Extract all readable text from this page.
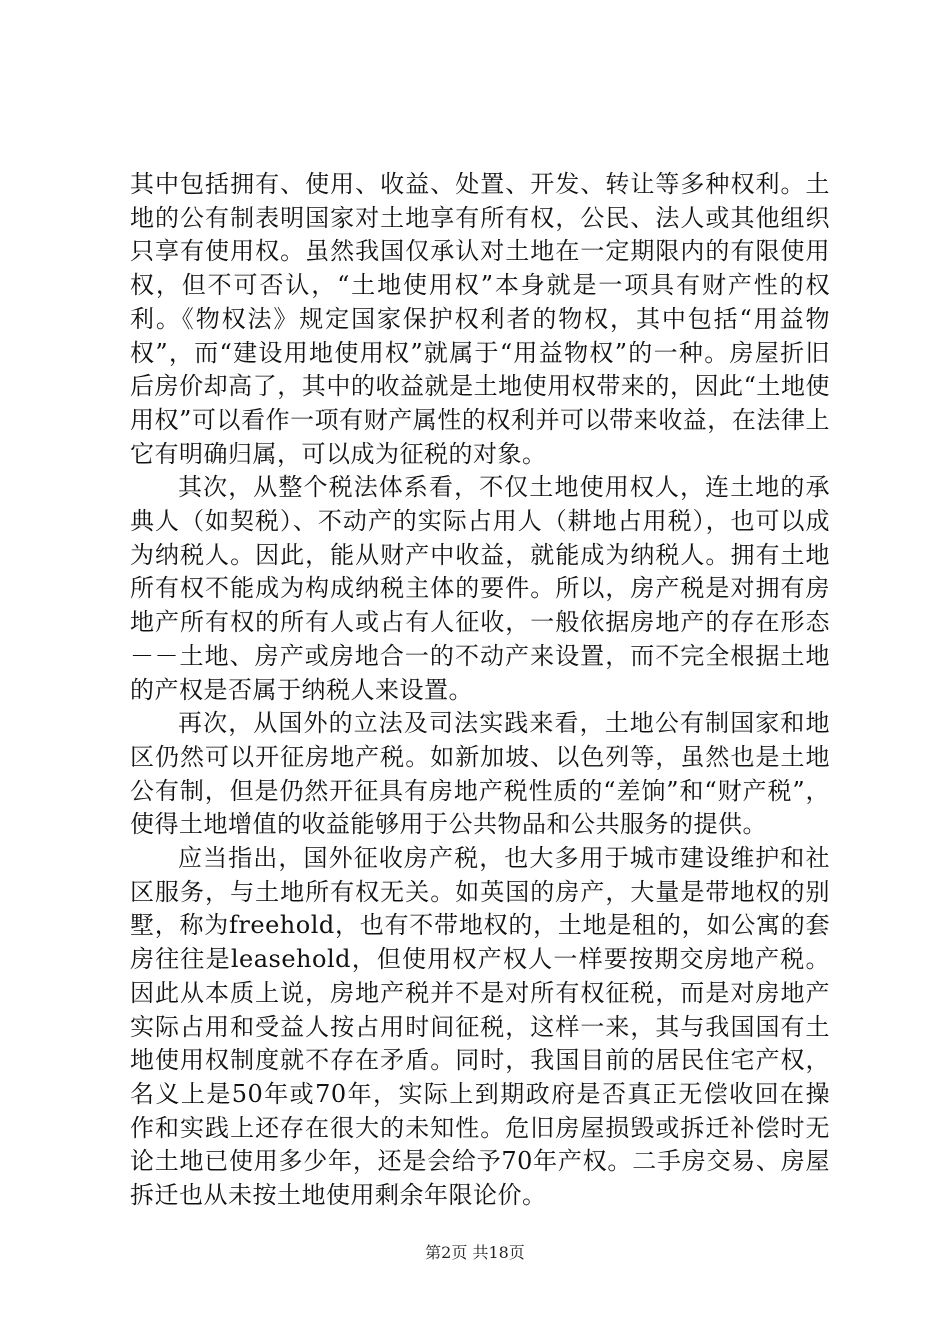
其中包括拥有、使用、收益、处置、开发、转让等多种权利。土地的公有制表明国家对土地享有所有权，公民、法人或其他组织只享有使用权。虽然我国仅承认对土地在一定期限内的有限使用权，但不可否认，“土地使用权”本身就是一项具有财产性的权利。《物权法》规定国家保护权利者的物权，其中包括“用益物权”，而“建设用地使用权”就属于“用益物权”的一种。房屋折旧后房价却高了，其中的收益就是土地使用权带来的，因此“土地使用权”可以看作一项有财产属性的权利并可以带来收益，在法律上它有明确归属，可以成为征税的对象。

其次，从整个税法体系看，不仅土地使用权人，连土地的承典人（如契税）、不动产的实际占用人（耕地占用税），也可以成为纳税人。因此，能从财产中收益，就能成为纳税人。拥有土地所有权不能成为构成纳税主体的要件。所以，房产税是对拥有房地产所有权的所有人或占有人征收，一般依据房地产的存在形态－－土地、房产或房地合一的不动产来设置，而不完全根据土地的产权是否属于纳税人来设置。

再次，从国外的立法及司法实践来看，土地公有制国家和地区仍然可以开征房地产税。如新加坡、以色列等，虽然也是土地公有制，但是仍然开征具有房地产税性质的“差饷”和“财产税”，使得土地增值的收益能够用于公共物品和公共服务的提供。

应当指出，国外征收房产税，也大多用于城市建设维护和社区服务，与土地所有权无关。如英国的房产，大量是带地权的别墅，称为freehold，也有不带地权的，土地是租的，如公寓的套房往往是leasehold，但使用权产权人一样要按期交房地产税。因此从本质上说，房地产税并不是对所有权征税，而是对房地产实际占用和受益人按占用时间征税，这样一来，其与我国国有土地使用权制度就不存在矛盾。同时，我国目前的居民住宅产权，名义上是50年或70年，实际上到期政府是否真正无偿收回在操作和实践上还存在很大的未知性。危旧房屋损毁或拆迁补偿时无论土地已使用多少年，还是会给予70年产权。二手房交易、房屋拆迁也从未按土地使用剩余年限论价。

第2页 共18页
